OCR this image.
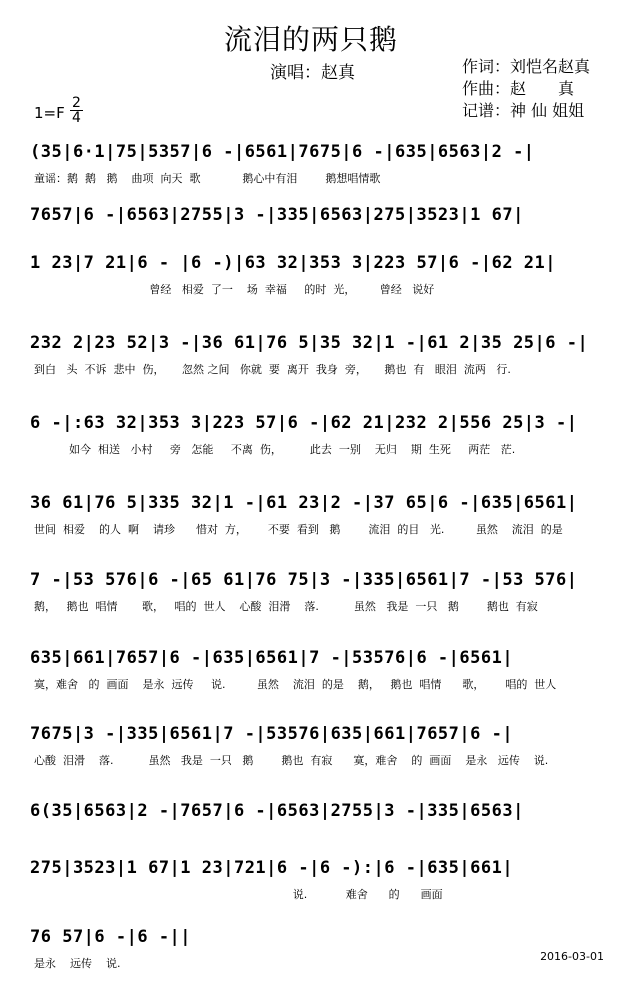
流泪的两只鹅
演唱：赵真	作词：刘恺名赵真
作曲：赵　　真
记谱：神 仙 姐姐
1=F
2
4
(35|6·1|75|5357|6 -|6561|7675|6 -|635|6563|2 -|
童谣：鹅  鹅   鹅    曲项  向天  歌            鹅心中有泪        鹅想唱情歌
7657|6 -|6563|2755|3 -|335|6563|275|3523|1 67|
1 23|7 21|6 - |6 -)|63 32|353 3|223 57|6 -|62 21|
曾经   相爱  了一    场  幸福     的时  光，       曾经   说好
232 2|23 52|3 -|36 61|76 5|35 32|1 -|61 2|35 25|6 -|
到白   头  不诉  悲中  伤，     忽然 之间   你就  要  离开  我身  旁，     鹅也  有   眼泪  流两   行.
6 -|:63 32|353 3|223 57|6 -|62 21|232 2|556 25|3 -|
如今  相送   小村     旁   怎能     不离  伤，        此去  一别    无归    期  生死     两茫   茫.
36 61|76 5|335 32|1 -|61 23|2 -|37 65|6 -|635|6561|
世间  相爱    的人  啊    请珍      惜对  方，      不要  看到   鹅        流泪  的目   光.         虽然    流泪  的是
7 -|53 576|6 -|65 61|76 75|3 -|335|6561|7 -|53 576|
鹅，   鹅也  唱情       歌，   唱的  世人    心酸  泪滑    落.          虽然   我是  一只   鹅        鹅也  有寂
635|661|7657|6 -|635|6561|7 -|53576|6 -|6561|
寞，难舍   的  画面    是永  远传     说.         虽然    流泪  的是    鹅，   鹅也  唱情      歌，      唱的  世人
7675|3 -|335|6561|7 -|53576|635|661|7657|6 -|
心酸  泪滑    落.          虽然   我是  一只   鹅        鹅也  有寂      寞，难舍    的  画面    是永   远传    说.
6(35|6563|2 -|7657|6 -|6563|2755|3 -|335|6563|
275|3523|1 67|1 23|721|6 -|6 -):|6 -|635|661|
说.           难舍      的      画面
76 57|6 -|6 -||
是永    远传    说.
2016-03-01
